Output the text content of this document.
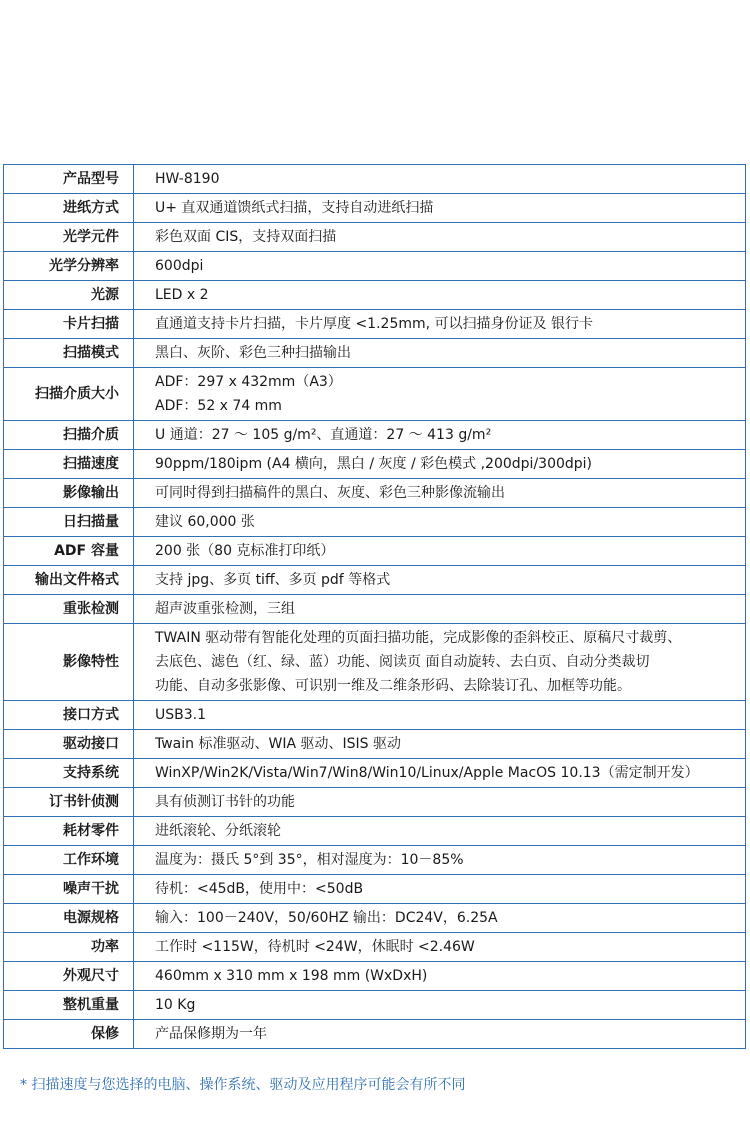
产品型号	HW-8190

进纸方式	U+ 直双通道馈纸式扫描，支持自动进纸扫描

光学元件	彩色双面 CIS，支持双面扫描

光学分辨率	600dpi

光源	LED x 2

卡片扫描	直通道支持卡片扫描，卡片厚度 <1.25mm, 可以扫描身份证及 银行卡

扫描模式	黑白、灰阶、彩色三种扫描输出

扫描介质大小	ADF：297 x 432mm（A3）
ADF：52 x 74 mm

扫描介质	U 通道：27 ～ 105 g/m²、直通道：27 ～ 413 g/m²

扫描速度	90ppm/180ipm (A4 横向，黑白 / 灰度 / 彩色模式 ,200dpi/300dpi)

影像输出	可同时得到扫描稿件的黑白、灰度、彩色三种影像流输出

日扫描量	建议 60,000 张

ADF 容量	200 张（80 克标准打印纸）

输出文件格式	支持 jpg、多页 tiff、多页 pdf 等格式

重张检测	超声波重张检测，三组

影像特性	TWAIN 驱动带有智能化处理的页面扫描功能，完成影像的歪斜校正、原稿尺寸裁剪、
去底色、滤色（红、绿、蓝）功能、阅读页 面自动旋转、去白页、自动分类裁切
功能、自动多张影像、可识别一维及二维条形码、去除装订孔、加框等功能。

接口方式	USB3.1

驱动接口	Twain 标准驱动、WIA 驱动、ISIS 驱动

支持系统	WinXP/Win2K/Vista/Win7/Win8/Win10/Linux/Apple MacOS 10.13（需定制开发）

订书针侦测	具有侦测订书针的功能

耗材零件	进纸滚轮、分纸滚轮

工作环境	温度为：摄氏 5°到 35°，相对湿度为：10－85%

噪声干扰	待机：<45dB，使用中：<50dB

电源规格	输入：100－240V，50/60HZ 输出：DC24V，6.25A

功率	工作时 <115W，待机时 <24W，休眠时 <2.46W

外观尺寸	460mm x 310 mm x 198 mm (WxDxH)

整机重量	10 Kg

保修	产品保修期为一年
* 扫描速度与您选择的电脑、操作系统、驱动及应用程序可能会有所不同
